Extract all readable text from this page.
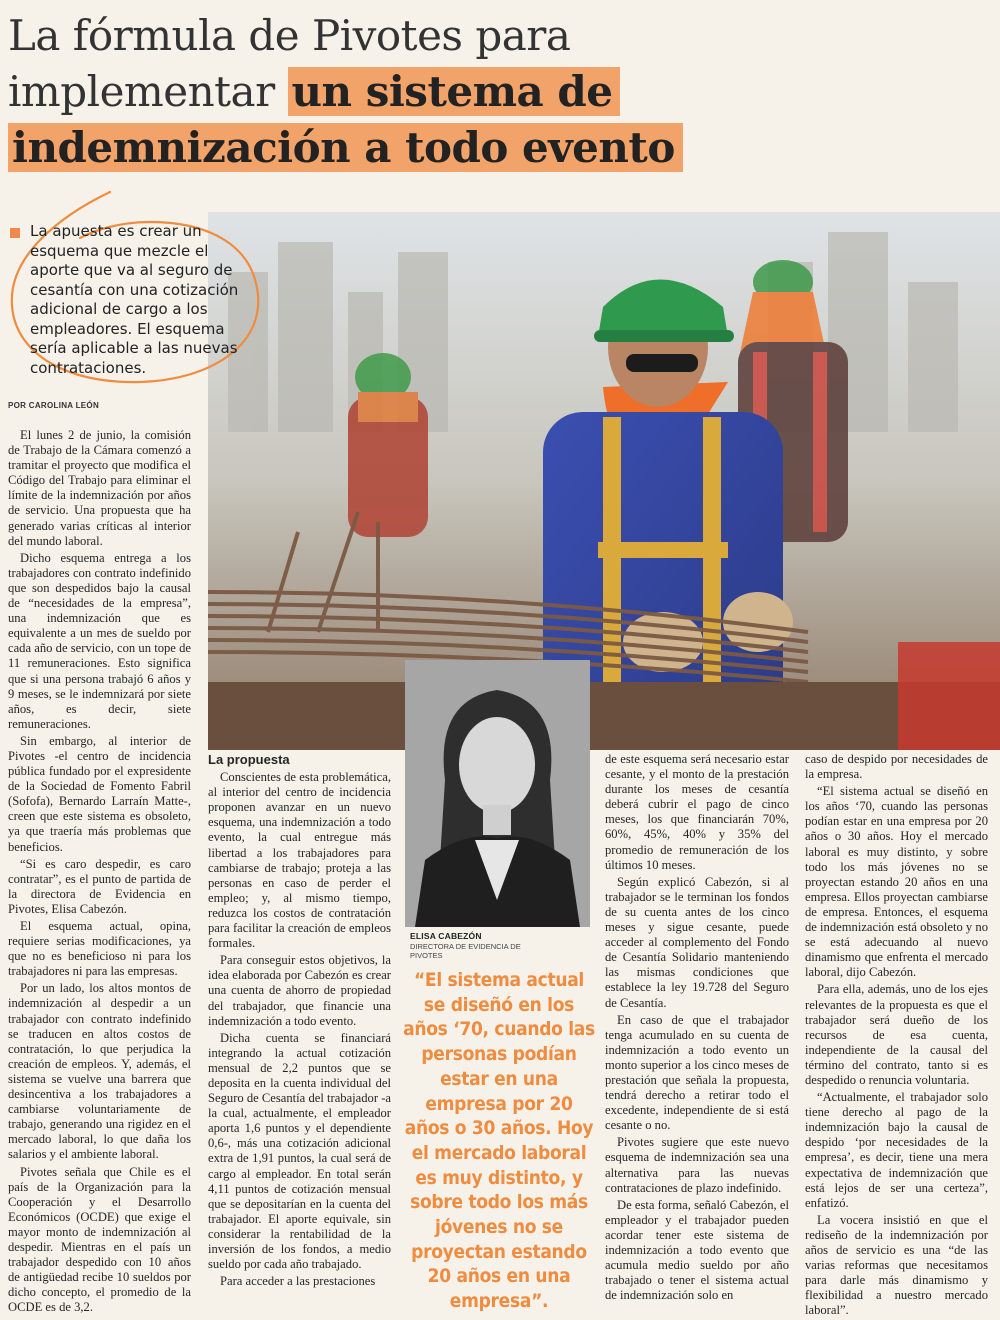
La fórmula de Pivotes para
implementar un sistema de
indemnización a todo evento
La apuesta es crear un esquema que mezcle el aporte que va al seguro de cesantía con una cotización adicional de cargo a los empleadores. El esquema sería aplicable a las nuevas contrataciones.
POR CAROLINA LEÓN

El lunes 2 de junio, la comisión de Trabajo de la Cámara comenzó a tramitar el proyecto que modifica el Código del Trabajo para eliminar el límite de la indemnización por años de servicio. Una propuesta que ha generado varias críticas al interior del mundo laboral.

Dicho esquema entrega a los trabajadores con contrato indefinido que son despedidos bajo la causal de “necesidades de la empresa”, una indemnización que es equivalente a un mes de sueldo por cada año de servicio, con un tope de 11 remuneraciones. Esto significa que si una persona trabajó 6 años y 9 meses, se le indemnizará por siete años, es decir, siete remuneraciones.

Sin embargo, al interior de Pivotes -el centro de incidencia pública fundado por el expresidente de la Sociedad de Fomento Fabril (Sofofa), Bernardo Larraín Matte-, creen que este sistema es obsoleto, ya que traería más problemas que beneficios.

“Si es caro despedir, es caro contratar”, es el punto de partida de la directora de Evidencia en Pivotes, Elisa Cabezón.

El esquema actual, opina, requiere serias modificaciones, ya que no es beneficioso ni para los trabajadores ni para las empresas.

Por un lado, los altos montos de indemnización al despedir a un trabajador con contrato indefinido se traducen en altos costos de contratación, lo que perjudica la creación de empleos. Y, además, el sistema se vuelve una barrera que desincentiva a los trabajadores a cambiarse voluntariamente de trabajo, generando una rigidez en el mercado laboral, lo que daña los salarios y el ambiente laboral.

Pivotes señala que Chile es el país de la Organización para la Cooperación y el Desarrollo Económicos (OCDE) que exige el mayor monto de indemnización al despedir. Mientras en el país un trabajador despedido con 10 años de antigüedad recibe 10 sueldos por dicho concepto, el promedio de la OCDE es de 3,2.

La propuesta

Conscientes de esta problemática, al interior del centro de incidencia proponen avanzar en un nuevo esquema, una indemnización a todo evento, la cual entregue más libertad a los trabajadores para cambiarse de trabajo; proteja a las personas en caso de perder el empleo; y, al mismo tiempo, reduzca los costos de contratación para facilitar la creación de empleos formales.

Para conseguir estos objetivos, la idea elaborada por Cabezón es crear una cuenta de ahorro de propiedad del trabajador, que financie una indemnización a todo evento.

Dicha cuenta se financiará integrando la actual cotización mensual de 2,2 puntos que se deposita en la cuenta individual del Seguro de Cesantía del trabajador -a la cual, actualmente, el empleador aporta 1,6 puntos y el dependiente 0,6-, más una cotización adicional extra de 1,91 puntos, la cual será de cargo al empleador. En total serán 4,11 puntos de cotización mensual que se depositarían en la cuenta del trabajador. El aporte equivale, sin considerar la rentabilidad de la inversión de los fondos, a medio sueldo por cada año trabajado.

Para acceder a las prestaciones

ELISA CABEZÓN
DIRECTORA DE EVIDENCIA DE PIVOTES
“El sistema actual se diseñó en los años ‘70, cuando las personas podían estar en una empresa por 20 años o 30 años. Hoy el mercado laboral es muy distinto, y sobre todo los más jóvenes no se proyectan estando 20 años en una empresa”.

de este esquema será necesario estar cesante, y el monto de la prestación durante los meses de cesantía deberá cubrir el pago de cinco meses, los que financiarán 70%, 60%, 45%, 40% y 35% del promedio de remuneración de los últimos 10 meses.

Según explicó Cabezón, si al trabajador se le terminan los fondos de su cuenta antes de los cinco meses y sigue cesante, puede acceder al complemento del Fondo de Cesantía Solidario manteniendo las mismas condiciones que establece la ley 19.728 del Seguro de Cesantía.

En caso de que el trabajador tenga acumulado en su cuenta de indemnización a todo evento un monto superior a los cinco meses de prestación que señala la propuesta, tendrá derecho a retirar todo el excedente, independiente de si está cesante o no.

Pivotes sugiere que este nuevo esquema de indemnización sea una alternativa para las nuevas contrataciones de plazo indefinido.

De esta forma, señaló Cabezón, el empleador y el trabajador pueden acordar tener este sistema de indemnización a todo evento que acumula medio sueldo por año trabajado o tener el sistema actual de indemnización solo en

caso de despido por necesidades de la empresa.

“El sistema actual se diseñó en los años ‘70, cuando las personas podían estar en una empresa por 20 años o 30 años. Hoy el mercado laboral es muy distinto, y sobre todo los más jóvenes no se proyectan estando 20 años en una empresa. Ellos proyectan cambiarse de empresa. Entonces, el esquema de indemnización está obsoleto y no se está adecuando al nuevo dinamismo que enfrenta el mercado laboral, dijo Cabezón.

Para ella, además, uno de los ejes relevantes de la propuesta es que el trabajador será dueño de los recursos de esa cuenta, independiente de la causal del término del contrato, tanto si es despedido o renuncia voluntaria.

“Actualmente, el trabajador solo tiene derecho al pago de la indemnización bajo la causal de despido ‘por necesidades de la empresa’, es decir, tiene una mera expectativa de indemnización que está lejos de ser una certeza”, enfatizó.

La vocera insistió en que el rediseño de la indemnización por años de servicio es una “de las varias reformas que necesitamos para darle más dinamismo y flexibilidad a nuestro mercado laboral”.
